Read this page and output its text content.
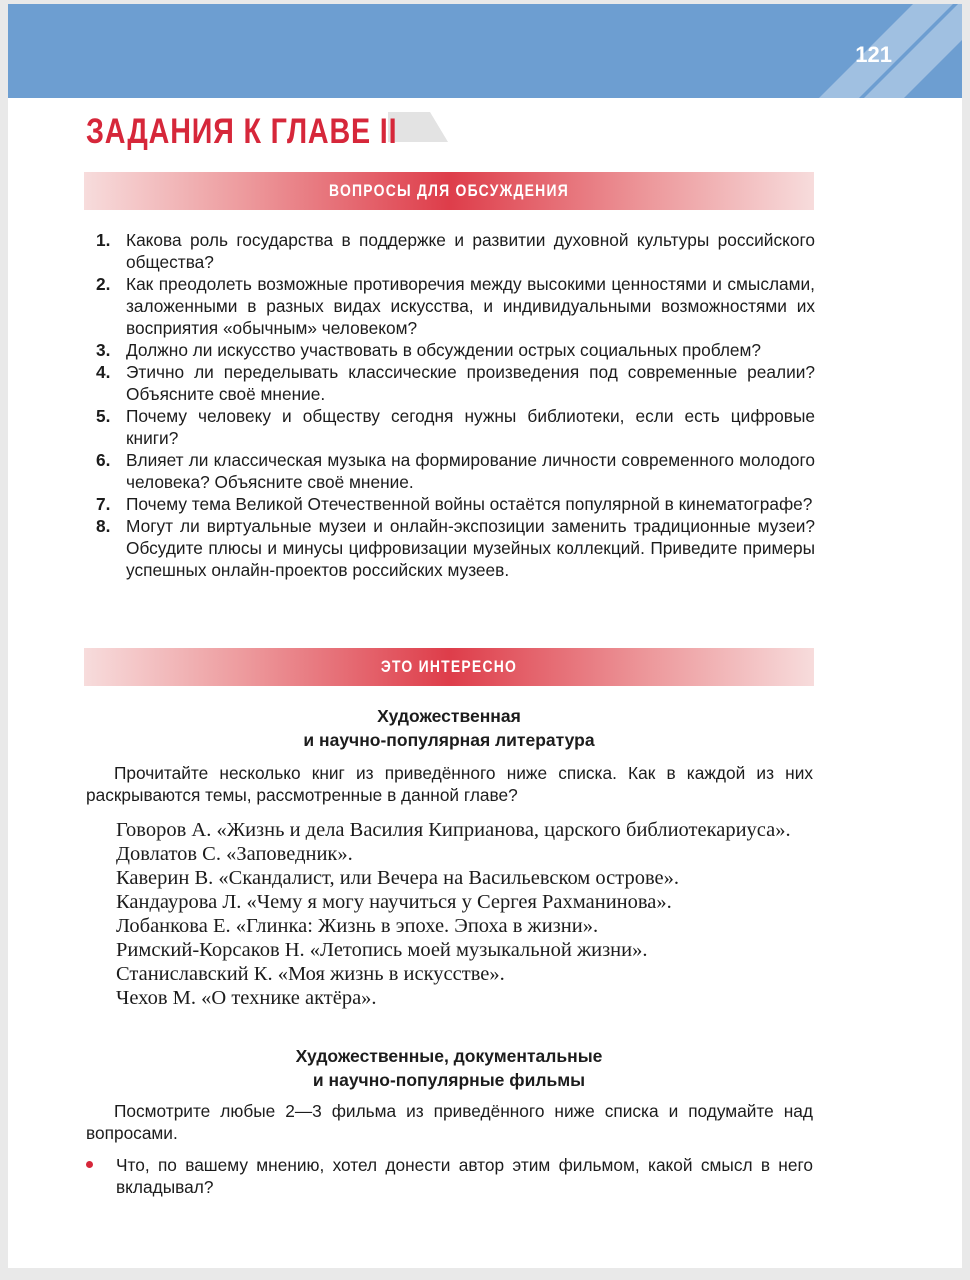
121
ЗАДАНИЯ К ГЛАВЕ II
ВОПРОСЫ ДЛЯ ОБСУЖДЕНИЯ
1. Какова роль государства в поддержке и развитии духовной культуры российского общества?
2. Как преодолеть возможные противоречия между высокими ценностями и смыслами, заложенными в разных видах искусства, и индивидуальными возможностями их восприятия «обычным» человеком?
3. Должно ли искусство участвовать в обсуждении острых социальных проблем?
4. Этично ли переделывать классические произведения под современные реалии? Объясните своё мнение.
5. Почему человеку и обществу сегодня нужны библиотеки, если есть цифровые книги?
6. Влияет ли классическая музыка на формирование личности современного молодого человека? Объясните своё мнение.
7. Почему тема Великой Отечественной войны остаётся популярной в кинематографе?
8. Могут ли виртуальные музеи и онлайн-экспозиции заменить традиционные музеи? Обсудите плюсы и минусы цифровизации музейных коллекций. Приведите примеры успешных онлайн-проектов российских музеев.
ЭТО ИНТЕРЕСНО
Художественная
и научно-популярная литература
Прочитайте несколько книг из приведённого ниже списка. Как в каждой из них раскрываются темы, рассмотренные в данной главе?
Говоров А. «Жизнь и дела Василия Киприанова, царского библиотекариуса».
Довлатов С. «Заповедник».
Каверин В. «Скандалист, или Вечера на Васильевском острове».
Кандаурова Л. «Чему я могу научиться у Сергея Рахманинова».
Лобанкова Е. «Глинка: Жизнь в эпохе. Эпоха в жизни».
Римский-Корсаков Н. «Летопись моей музыкальной жизни».
Станиславский К. «Моя жизнь в искусстве».
Чехов М. «О технике актёра».
Художественные, документальные
и научно-популярные фильмы
Посмотрите любые 2—3 фильма из приведённого ниже списка и подумайте над вопросами.
Что, по вашему мнению, хотел донести автор этим фильмом, какой смысл в него вкладывал?
